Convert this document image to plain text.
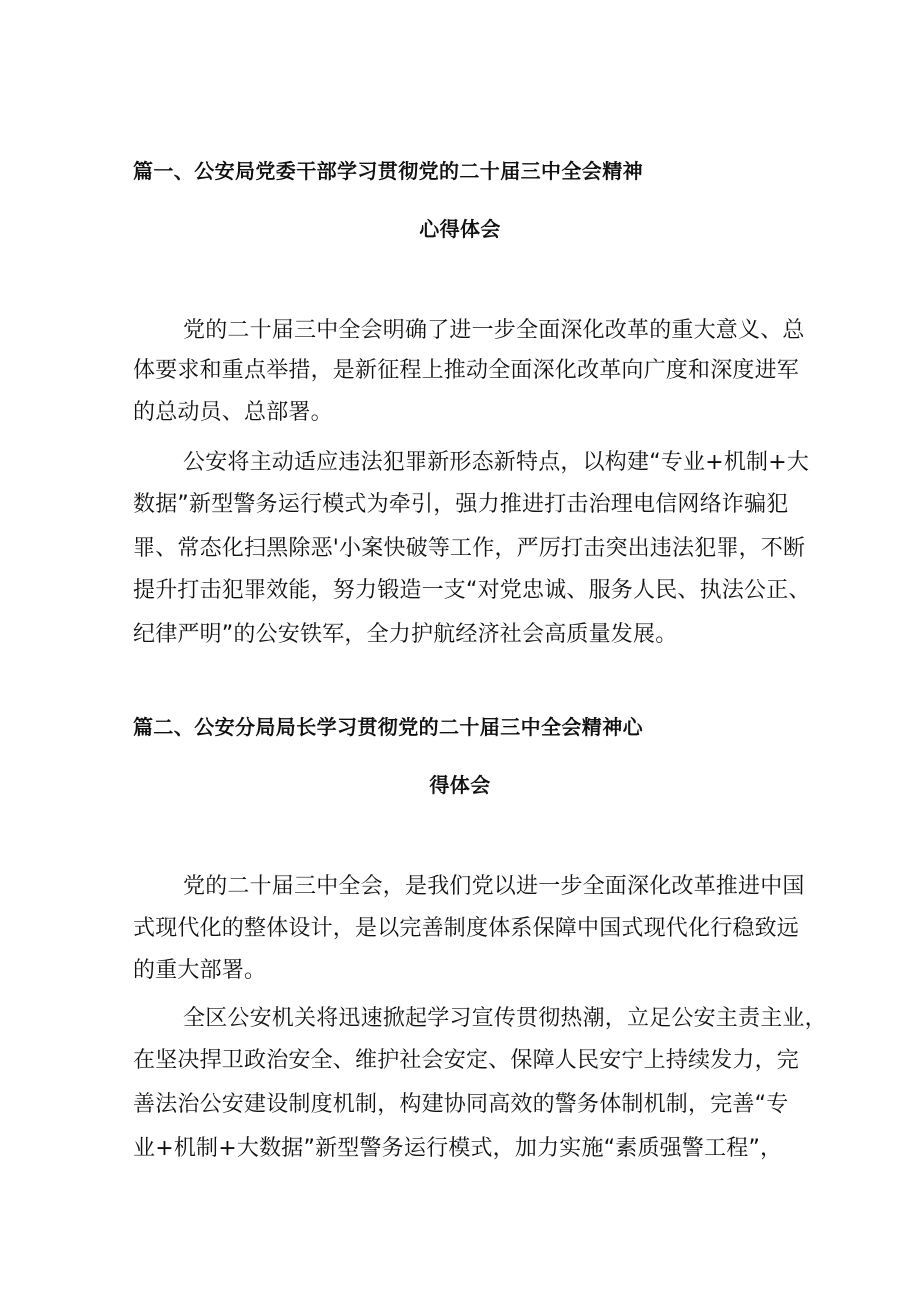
篇一、公安局党委干部学习贯彻党的二十届三中全会精神
心得体会
党的二十届三中全会明确了进一步全面深化改革的重大意义、总
体要求和重点举措，是新征程上推动全面深化改革向广度和深度进军
的总动员、总部署。
公安将主动适应违法犯罪新形态新特点，以构建“专业+机制+大
数据”新型警务运行模式为牵引，强力推进打击治理电信网络诈骗犯
罪、常态化扫黑除恶'小案快破等工作，严厉打击突出违法犯罪，不断
提升打击犯罪效能，努力锻造一支“对党忠诚、服务人民、执法公正、
纪律严明”的公安铁军，全力护航经济社会高质量发展。
篇二、公安分局局长学习贯彻党的二十届三中全会精神心
得体会
党的二十届三中全会，是我们党以进一步全面深化改革推进中国
式现代化的整体设计，是以完善制度体系保障中国式现代化行稳致远
的重大部署。
全区公安机关将迅速掀起学习宣传贯彻热潮，立足公安主责主业，
在坚决捍卫政治安全、维护社会安定、保障人民安宁上持续发力，完
善法治公安建设制度机制，构建协同高效的警务体制机制，完善“专
业+机制+大数据”新型警务运行模式，加力实施“素质强警工程”，
